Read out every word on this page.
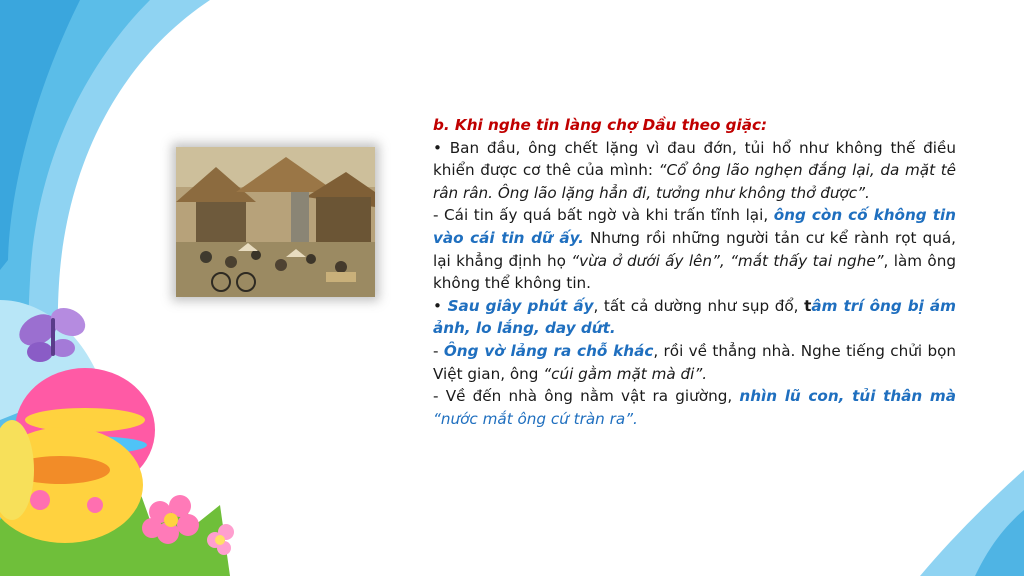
b. Khi nghe tin làng chợ Dầu theo giặc:

• Ban đầu, ông chết lặng vì đau đớn, tủi hổ như không thế điều khiển được cơ thê của mình: “Cổ ông lão nghẹn đắng lại, da mặt tê rân rân. Ông lão lặng hẳn đi, tưởng như không thở được”.

- Cái tin ấy quá bất ngờ và khi trấn tĩnh lại, ông còn cố không tin vào cái tin dữ ấy. Nhưng rồi những người tản cư kể rành rọt quá, lại khẳng định họ “vừa ở dưới ấy lên”, “mắt thấy tai nghe”, làm ông không thể không tin.

• Sau giây phút ấy, tất cả dường như sụp đổ, tâm trí ông bị ám ảnh, lo lắng, day dứt.

- Ông vờ lảng ra chỗ khác, rồi về thẳng nhà. Nghe tiếng chửi bọn Việt gian, ông “cúi gằm mặt mà đi”.

- Về đến nhà ông nằm vật ra giường, nhìn lũ con, tủi thân mà “nước mắt ông cứ tràn ra”.
